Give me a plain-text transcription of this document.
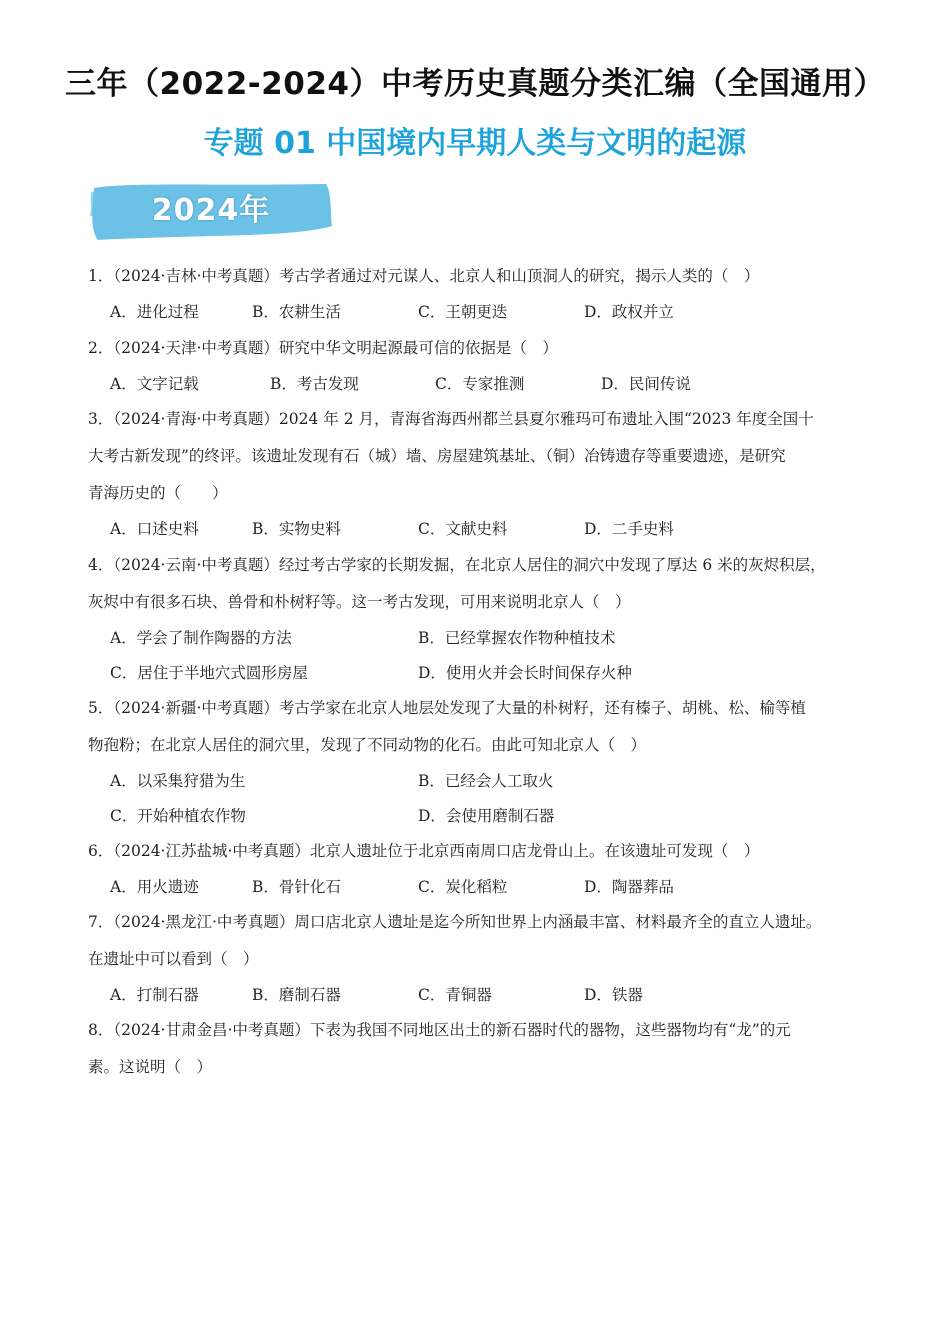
三年（2022-2024）中考历史真题分类汇编（全国通用）
专题 01 中国境内早期人类与文明的起源
2024年
1．（2024·吉林·中考真题）考古学者通过对元谋人、北京人和山顶洞人的研究，揭示人类的（　）
A．进化过程	B．农耕生活	C．王朝更迭	D．政权并立
2．（2024·天津·中考真题）研究中华文明起源最可信的依据是（　）
A．文字记载	B．考古发现	C．专家推测	D．民间传说
3．（2024·青海·中考真题）2024 年 2 月，青海省海西州都兰县夏尔雅玛可布遗址入围“2023 年度全国十
大考古新发现”的终评。该遗址发现有石（城）墙、房屋建筑基址、（铜）冶铸遗存等重要遗迹，是研究
青海历史的（　　）
A．口述史料	B．实物史料	C．文献史料	D．二手史料
4．（2024·云南·中考真题）经过考古学家的长期发掘，在北京人居住的洞穴中发现了厚达 6 米的灰烬积层，
灰烬中有很多石块、兽骨和朴树籽等。这一考古发现，可用来说明北京人（　）
A．学会了制作陶器的方法	B．已经掌握农作物种植技术
C．居住于半地穴式圆形房屋	D．使用火并会长时间保存火种
5．（2024·新疆·中考真题）考古学家在北京人地层处发现了大量的朴树籽，还有榛子、胡桃、松、榆等植
物孢粉；在北京人居住的洞穴里，发现了不同动物的化石。由此可知北京人（　）
A．以采集狩猎为生	B．已经会人工取火
C．开始种植农作物	D．会使用磨制石器
6．（2024·江苏盐城·中考真题）北京人遗址位于北京西南周口店龙骨山上。在该遗址可发现（　）
A．用火遗迹	B．骨针化石	C．炭化稻粒	D．陶器葬品
7．（2024·黑龙江·中考真题）周口店北京人遗址是迄今所知世界上内涵最丰富、材料最齐全的直立人遗址。
在遗址中可以看到（　）
A．打制石器	B．磨制石器	C．青铜器	D．铁器
8．（2024·甘肃金昌·中考真题）下表为我国不同地区出土的新石器时代的器物，这些器物均有“龙”的元
素。这说明（　）
